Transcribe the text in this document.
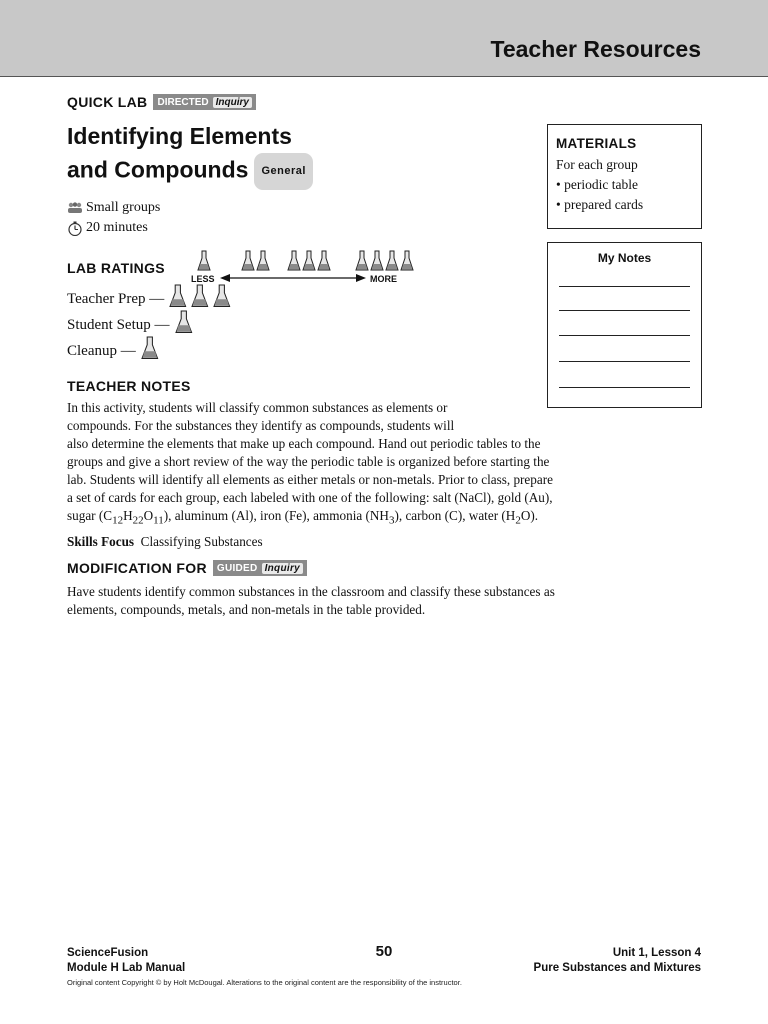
Teacher Resources
QUICK LAB DIRECTED Inquiry
Identifying Elements
and Compounds General
Small groups
20 minutes
LAB RATINGS
LESS	MORE
Teacher Prep —
Student Setup —
Cleanup —
TEACHER NOTES
In this activity, students will classify common substances as elements or
compounds. For the substances they identify as compounds, students will
also determine the elements that make up each compound. Hand out periodic tables to the
groups and give a short review of the way the periodic table is organized before starting the
lab. Students will identify all elements as either metals or non-metals. Prior to class, prepare
a set of cards for each group, each labeled with one of the following: salt (NaCl), gold (Au),
sugar $(C_{12}H_{22}O_{11})$, aluminum (Al), iron (Fe), ammonia $(NH_3)$, carbon (C), water $(H_2O)$.
Skills Focus Classifying Substances
MODIFICATION FOR GUIDED Inquiry
Have students identify common substances in the classroom and classify these substances as
elements, compounds, metals, and non-metals in the table provided.
MATERIALS
For each group
• periodic table
• prepared cards
My Notes
ScienceFusion
Module H Lab Manual
50	Unit 1, Lesson 4
Pure Substances and Mixtures
Original content Copyright © by Holt McDougal. Alterations to the original content are the responsibility of the instructor.
